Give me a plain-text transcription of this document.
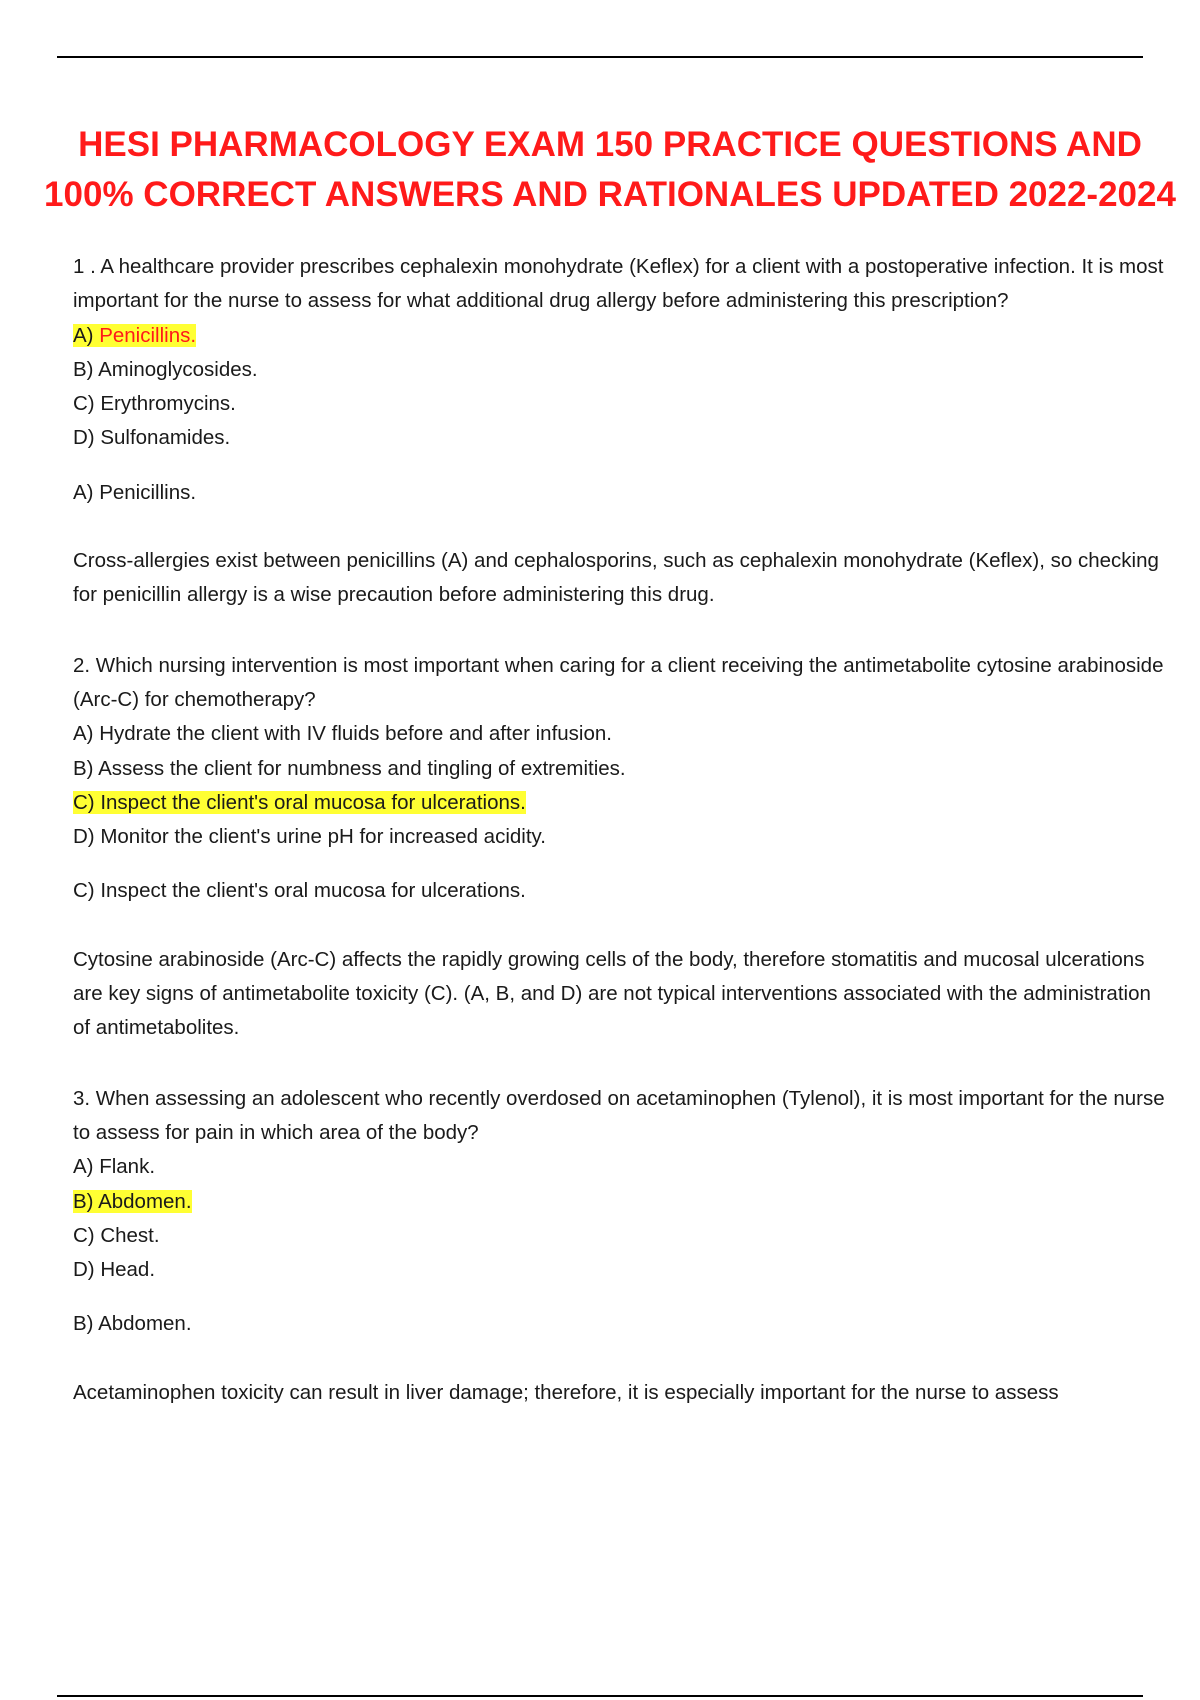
HESI PHARMACOLOGY EXAM 150 PRACTICE QUESTIONS AND
100% CORRECT ANSWERS AND RATIONALES UPDATED 2022-2024

1 . A healthcare provider prescribes cephalexin monohydrate (Keflex) for a client with a postoperative infection. It is most important for the nurse to assess for what additional drug allergy before administering this prescription?

A) Penicillins.

B) Aminoglycosides.

C) Erythromycins.

D) Sulfonamides.

A) Penicillins.

Cross-allergies exist between penicillins (A) and cephalosporins, such as cephalexin monohydrate (Keflex), so checking for penicillin allergy is a wise precaution before administering this drug.

2. Which nursing intervention is most important when caring for a client receiving the antimetabolite cytosine arabinoside (Arc-C) for chemotherapy?

A) Hydrate the client with IV fluids before and after infusion.

B) Assess the client for numbness and tingling of extremities.

C) Inspect the client's oral mucosa for ulcerations.

D) Monitor the client's urine pH for increased acidity.

C) Inspect the client's oral mucosa for ulcerations.

Cytosine arabinoside (Arc-C) affects the rapidly growing cells of the body, therefore stomatitis and mucosal ulcerations are key signs of antimetabolite toxicity (C). (A, B, and D) are not typical interventions associated with the administration of antimetabolites.

3. When assessing an adolescent who recently overdosed on acetaminophen (Tylenol), it is most important for the nurse to assess for pain in which area of the body?

A) Flank.

B) Abdomen.

C) Chest.

D) Head.

B) Abdomen.

Acetaminophen toxicity can result in liver damage; therefore, it is especially important for the nurse to assess
